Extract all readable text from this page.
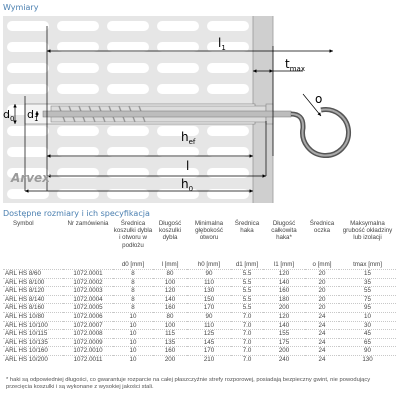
Wymiary
$l_1$
$t_{max}$
$d_0$ $d_1$
o
$h_{ef}$
l
$h_0$
Arvex
Dostępne rozmiary i ich specyfikacja
Symbol	Nr zamówienia	Średnica koszulki dybla i otworu w podłożu	Długość koszulki dybla	Minimalna głębokość otworu	Średnica haka	Długość całkowita haka*	Średnica oczka	Maksymalna grubość okładziny lub izolacji
		d0 [mm]	l [mm]	h0 [mm]	d1 [mm]	l1 [mm]	o [mm]	tmax [mm]
ARL HS 8/60	1072.0001	8	80	90	5.5	120	20	15
ARL HS 8/100	1072.0002	8	100	110	5.5	140	20	35
ARL HS 8/120	1072.0003	8	120	130	5.5	160	20	55
ARL HS 8/140	1072.0004	8	140	150	5.5	180	20	75
ARL HS 8/160	1072.0005	8	160	170	5.5	200	20	95
ARL HS 10/80	1072.0006	10	80	90	7.0	120	24	10
ARL HS 10/100	1072.0007	10	100	110	7.0	140	24	30
ARL HS 10/115	1072.0008	10	115	125	7.0	155	24	45
ARL HS 10/135	1072.0009	10	135	145	7.0	175	24	65
ARL HS 10/160	1072.0010	10	160	170	7.0	200	24	90
ARL HS 10/200	1072.0011	10	200	210	7.0	240	24	130
* haki są odpowiedniej długości, co gwarantuje rozparcie na całej płaszczyźnie strefy rozporowej, posiadają bezpieczny gwint, nie powodujący przecięcia koszulki i są wykonane z wysokiej jakości stali.
